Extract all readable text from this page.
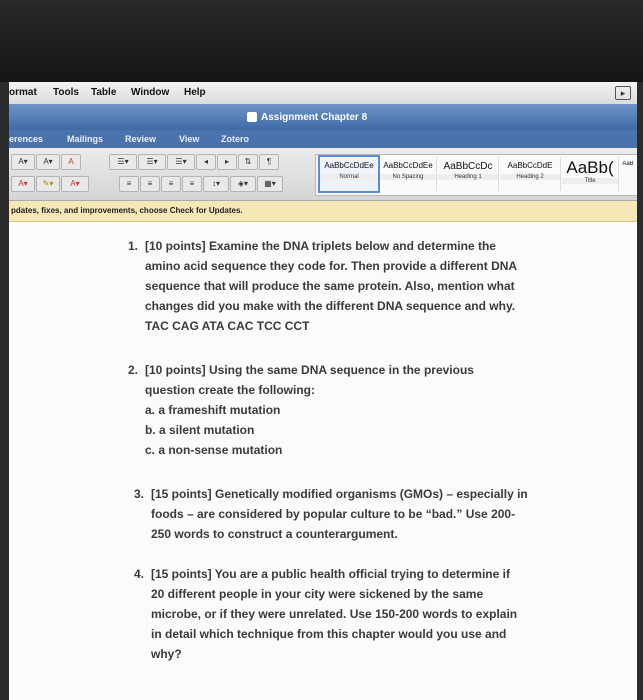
ormat Tools Table Window Help	▸
Assignment Chapter 8
erences	Mailings Review	View Zotero
A▾	A▾	A
A▾	✎▾	A▾
☰▾	☰▾	☰▾	◂	▸	⇅	¶
≡	≡	≡	≡	↕▾	◈▾	▦▾
AaBbCcDdEe
Normal
AaBbCcDdEe
No Spacing
AaBbCcDc
Heading 1
AaBbCcDdE
Heading 2	AaBb(
Title
AaB
pdates, fixes, and improvements, choose Check for Updates.
1. [10 points] Examine the DNA triplets below and determine the

amino acid sequence they code for. Then provide a different DNA

sequence that will produce the same protein. Also, mention what

changes did you make with the different DNA sequence and why.

TAC CAG ATA CAC TCC CCT

2. [10 points] Using the same DNA sequence in the previous

question create the following:

a. a frameshift mutation

b. a silent mutation

c. a non-sense mutation

3. [15 points] Genetically modified organisms (GMOs) – especially in

foods – are considered by popular culture to be “bad.” Use 200-

250 words to construct a counterargument.

4. [15 points] You are a public health official trying to determine if

20 different people in your city were sickened by the same

microbe, or if they were unrelated. Use 150-200 words to explain

in detail which technique from this chapter would you use and

why?
